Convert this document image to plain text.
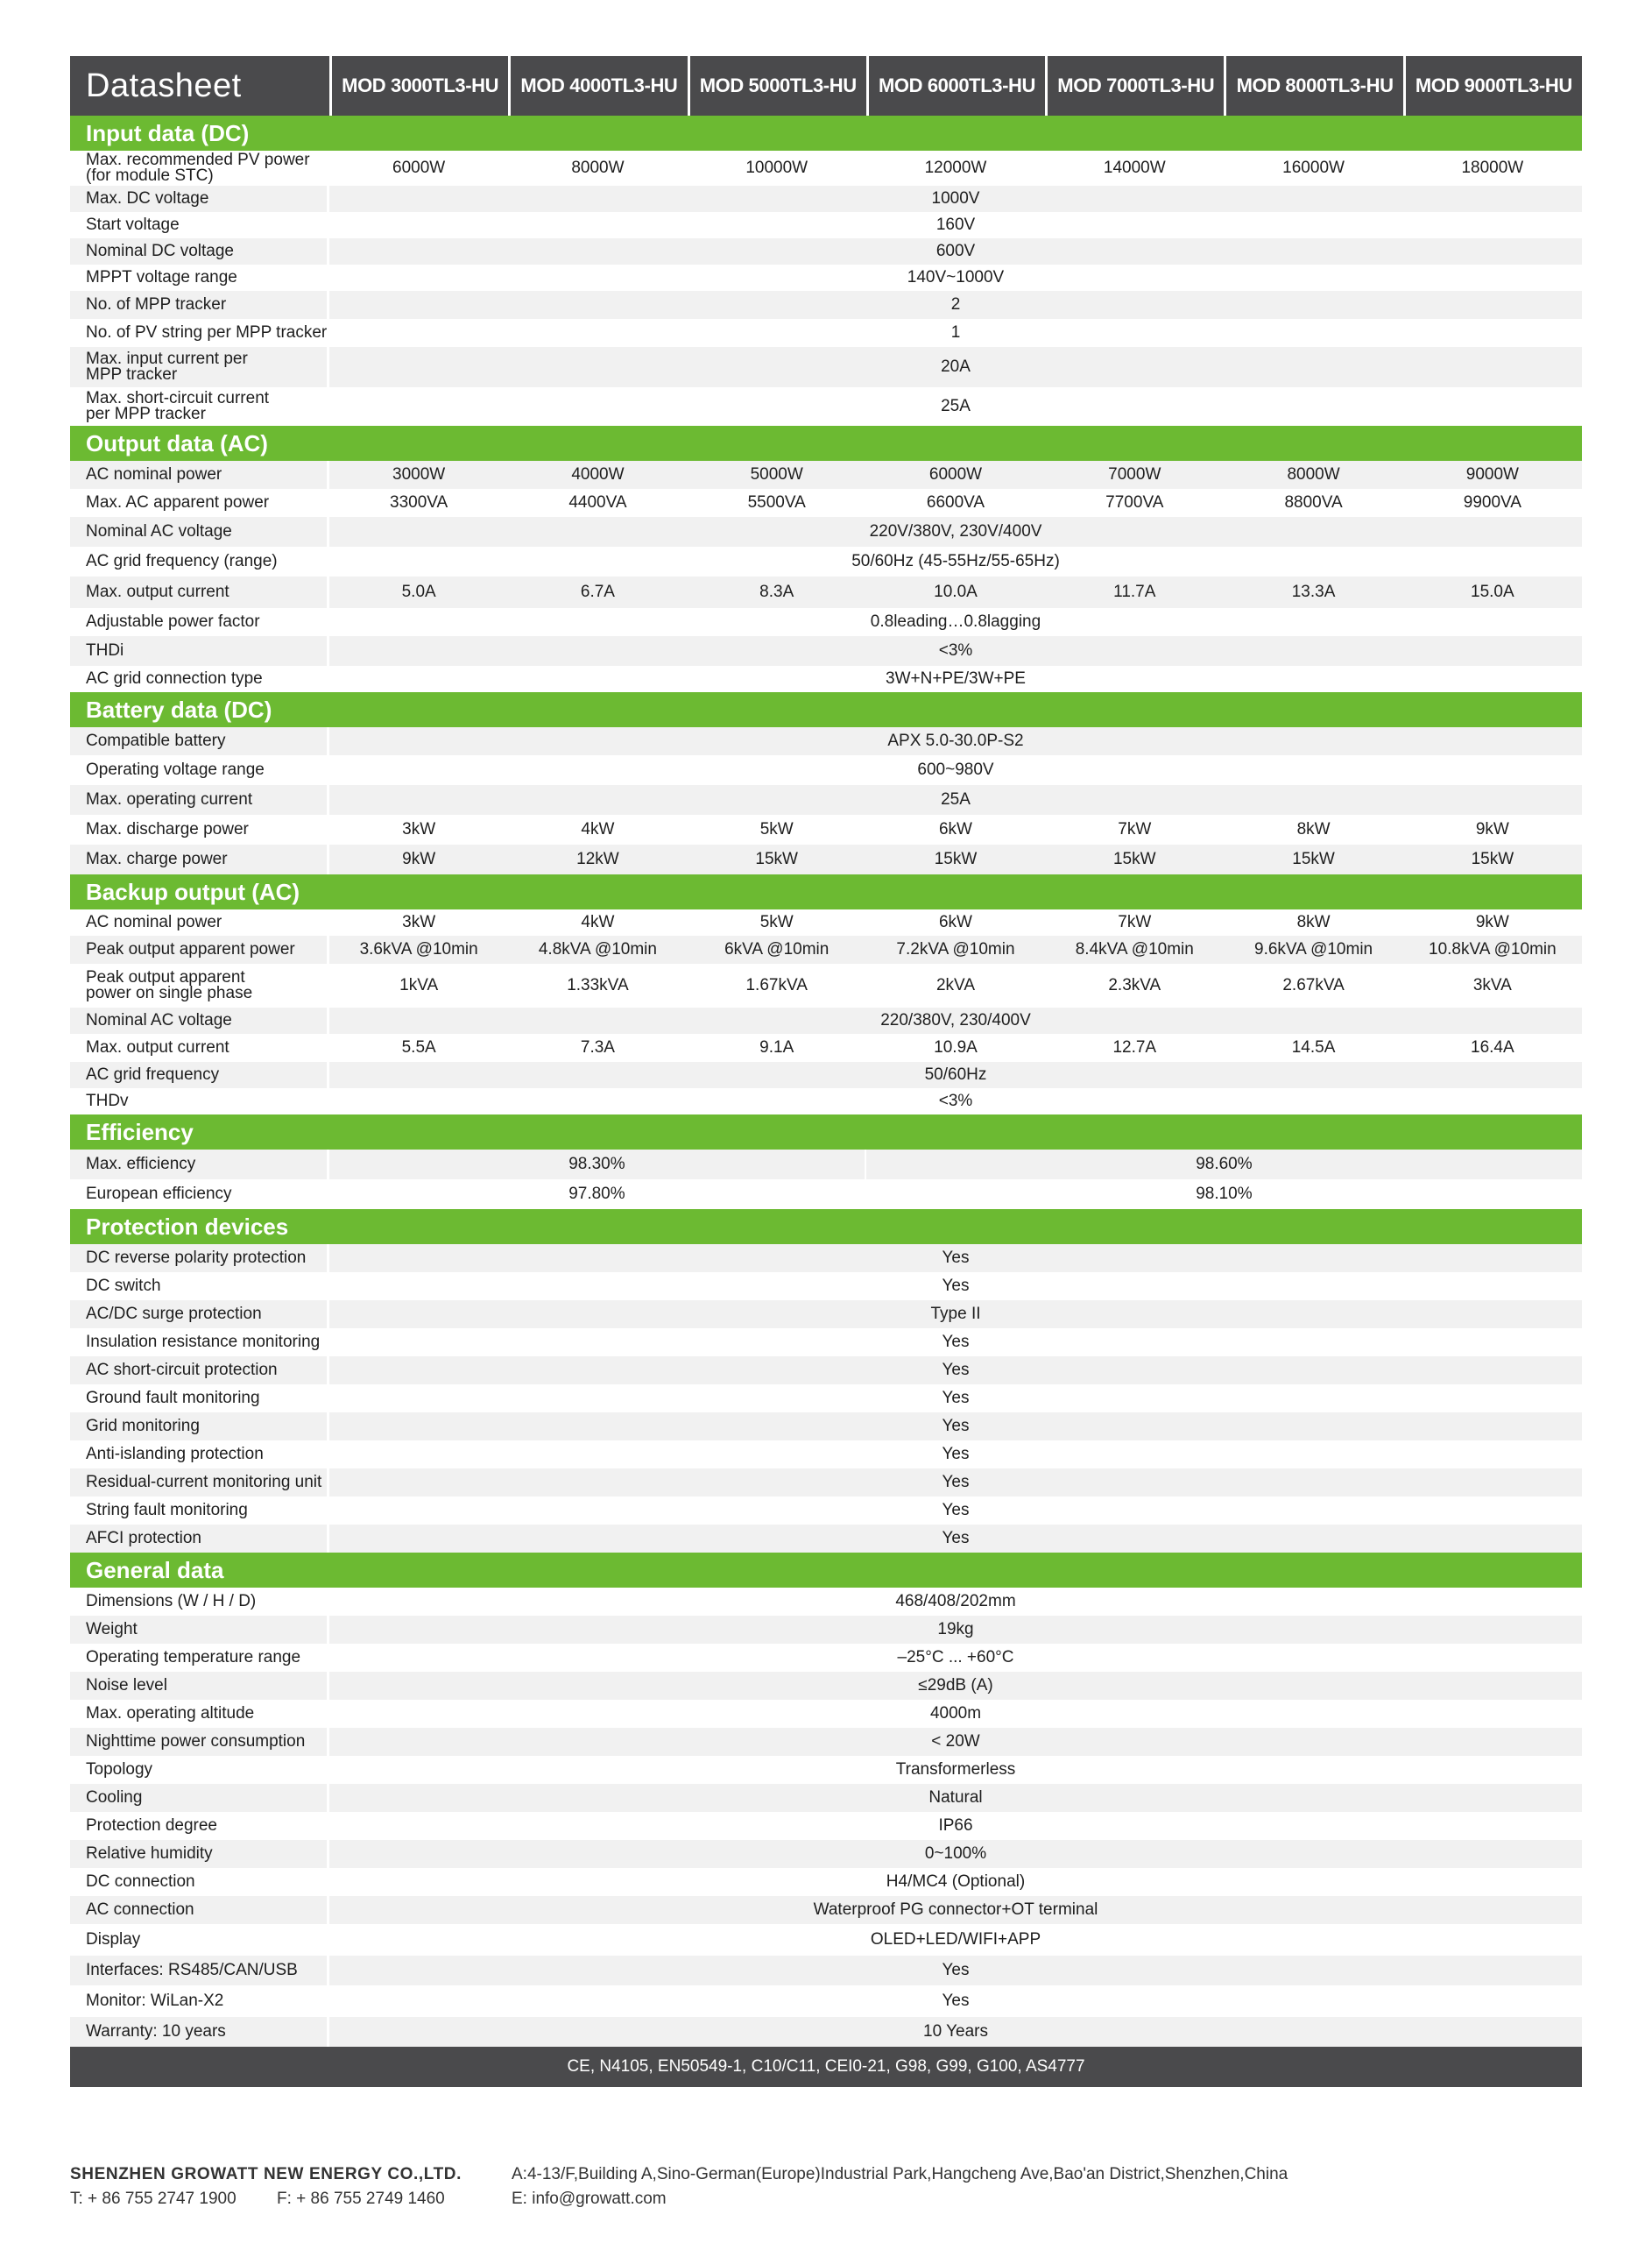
Datasheet	MOD 3000TL3-HU	MOD 4000TL3-HU	MOD 5000TL3-HU	MOD 6000TL3-HU	MOD 7000TL3-HU	MOD 8000TL3-HU	MOD 9000TL3-HU
Input data (DC)
Max. recommended PV power
(for module STC)	6000W	8000W	10000W	12000W	14000W	16000W	18000W
Max. DC voltage	1000V
Start voltage	160V
Nominal DC voltage	600V
MPPT voltage range	140V~1000V
No. of MPP tracker	2
No. of PV string per MPP tracker	1
Max. input current per
MPP tracker	20A
Max. short-circuit current
per MPP tracker	25A
Output data (AC)
AC nominal power	3000W	4000W	5000W	6000W	7000W	8000W	9000W
Max. AC apparent power	3300VA	4400VA	5500VA	6600VA	7700VA	8800VA	9900VA
Nominal AC voltage	220V/380V, 230V/400V
AC grid frequency (range)	50/60Hz (45-55Hz/55-65Hz)
Max. output current	5.0A	6.7A	8.3A	10.0A	11.7A	13.3A	15.0A
Adjustable power factor	0.8leading…0.8lagging
THDi	<3%
AC grid connection type	3W+N+PE/3W+PE
Battery data (DC)
Compatible battery	APX 5.0-30.0P-S2
Operating voltage range	600~980V
Max. operating current	25A
Max. discharge power	3kW	4kW	5kW	6kW	7kW	8kW	9kW
Max. charge power	9kW	12kW	15kW	15kW	15kW	15kW	15kW
Backup output (AC)
AC nominal power	3kW	4kW	5kW	6kW	7kW	8kW	9kW
Peak output apparent power	3.6kVA @10min	4.8kVA @10min	6kVA @10min	7.2kVA @10min	8.4kVA @10min	9.6kVA @10min	10.8kVA @10min
Peak output apparent
power on single phase	1kVA	1.33kVA	1.67kVA	2kVA	2.3kVA	2.67kVA	3kVA
Nominal AC voltage	220/380V, 230/400V
Max. output current	5.5A	7.3A	9.1A	10.9A	12.7A	14.5A	16.4A
AC grid frequency	50/60Hz
THDv	<3%
Efficiency
Max. efficiency	98.30%	98.60%
European efficiency	97.80%	98.10%
Protection devices
DC reverse polarity protection	Yes
DC switch	Yes
AC/DC surge protection	Type II
Insulation resistance monitoring	Yes
AC short-circuit protection	Yes
Ground fault monitoring	Yes
Grid monitoring	Yes
Anti-islanding protection	Yes
Residual-current monitoring unit	Yes
String fault monitoring	Yes
AFCI protection	Yes
General data
Dimensions (W / H / D)	468/408/202mm
Weight	19kg
Operating temperature range	–25°C ... +60°C
Noise level	≤29dB (A)
Max. operating altitude	4000m
Nighttime power consumption	< 20W
Topology	Transformerless
Cooling	Natural
Protection degree	IP66
Relative humidity	0~100%
DC connection	H4/MC4 (Optional)
AC connection	Waterproof PG connector+OT terminal
Display	OLED+LED/WIFI+APP
Interfaces: RS485/CAN/USB	Yes
Monitor: WiLan-X2	Yes
Warranty: 10 years	10 Years
CE, N4105, EN50549-1, C10/C11, CEI0-21, G98, G99, G100, AS4777
SHENZHEN GROWATT NEW ENERGY CO.,LTD.	A:4-13/F,Building A,Sino-German(Europe)Industrial Park,Hangcheng Ave,Bao'an District,Shenzhen,China
T: + 86 755 2747 1900	F: + 86 755 2749 1460	E: info@growatt.com
